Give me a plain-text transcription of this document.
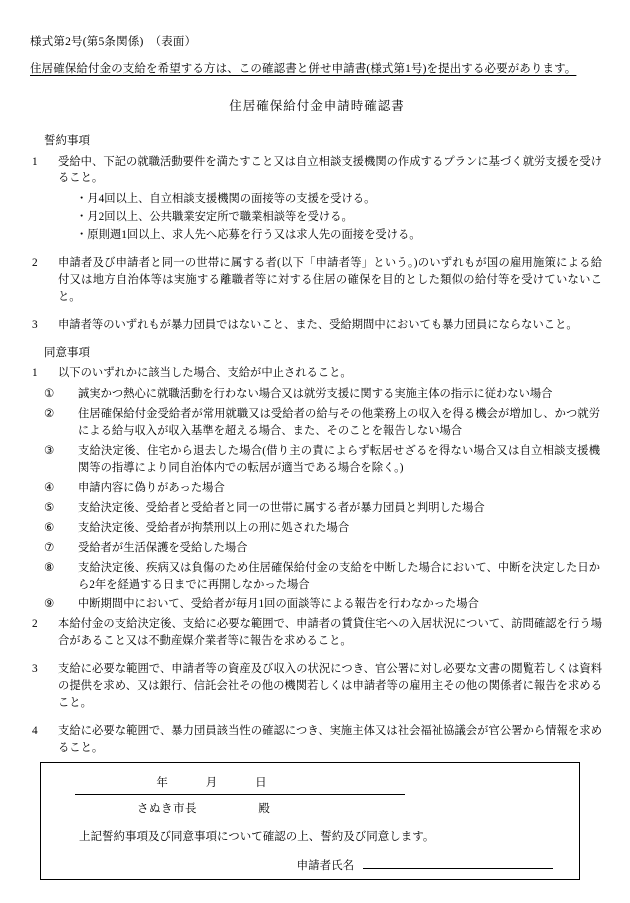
様式第2号(第5条関係)　（表面）
住居確保給付金の支給を希望する方は、この確認書と併せ申請書(様式第1号)を提出する必要があります。
住居確保給付金申請時確認書
誓約事項
1	受給中、下記の就職活動要件を満たすこと又は自立相談支援機関の作成するプランに基づく就労支援を受けること。
・月4回以上、自立相談支援機関の面接等の支援を受ける。
・月2回以上、公共職業安定所で職業相談等を受ける。
・原則週1回以上、求人先へ応募を行う又は求人先の面接を受ける。
2	申請者及び申請者と同一の世帯に属する者(以下「申請者等」という。)のいずれもが国の雇用施策による給付又は地方自治体等は実施する離職者等に対する住居の確保を目的とした類似の給付等を受けていないこと。
3	申請者等のいずれもが暴力団員ではないこと、また、受給期間中においても暴力団員にならないこと。
同意事項
1	以下のいずれかに該当した場合、支給が中止されること。
①	誠実かつ熱心に就職活動を行わない場合又は就労支援に関する実施主体の指示に従わない場合
②	住居確保給付金受給者が常用就職又は受給者の給与その他業務上の収入を得る機会が増加し、かつ就労による給与収入が収入基準を超える場合、また、そのことを報告しない場合
③	支給決定後、住宅から退去した場合(借り主の責によらず転居せざるを得ない場合又は自立相談支援機関等の指導により同自治体内での転居が適当である場合を除く。)
④	申請内容に偽りがあった場合
⑤	支給決定後、受給者と受給者と同一の世帯に属する者が暴力団員と判明した場合
⑥	支給決定後、受給者が拘禁刑以上の刑に処された場合
⑦	受給者が生活保護を受給した場合
⑧	支給決定後、疾病又は負傷のため住居確保給付金の支給を中断した場合において、中断を決定した日から2年を経過する日までに再開しなかった場合
⑨	中断期間中において、受給者が毎月1回の面談等による報告を行わなかった場合
2	本給付金の支給決定後、支給に必要な範囲で、申請者の賃貸住宅への入居状況について、訪問確認を行う場合があること又は不動産媒介業者等に報告を求めること。
3	支給に必要な範囲で、申請者等の資産及び収入の状況につき、官公署に対し必要な文書の閲覧若しくは資料の提供を求め、又は銀行、信託会社その他の機関若しくは申請者等の雇用主その他の関係者に報告を求めること。
4	支給に必要な範囲で、暴力団員該当性の確認につき、実施主体又は社会福祉協議会が官公署から情報を求めること。
年	月	日
さぬき市長	殿
上記誓約事項及び同意事項について確認の上、誓約及び同意します。
申請者氏名
